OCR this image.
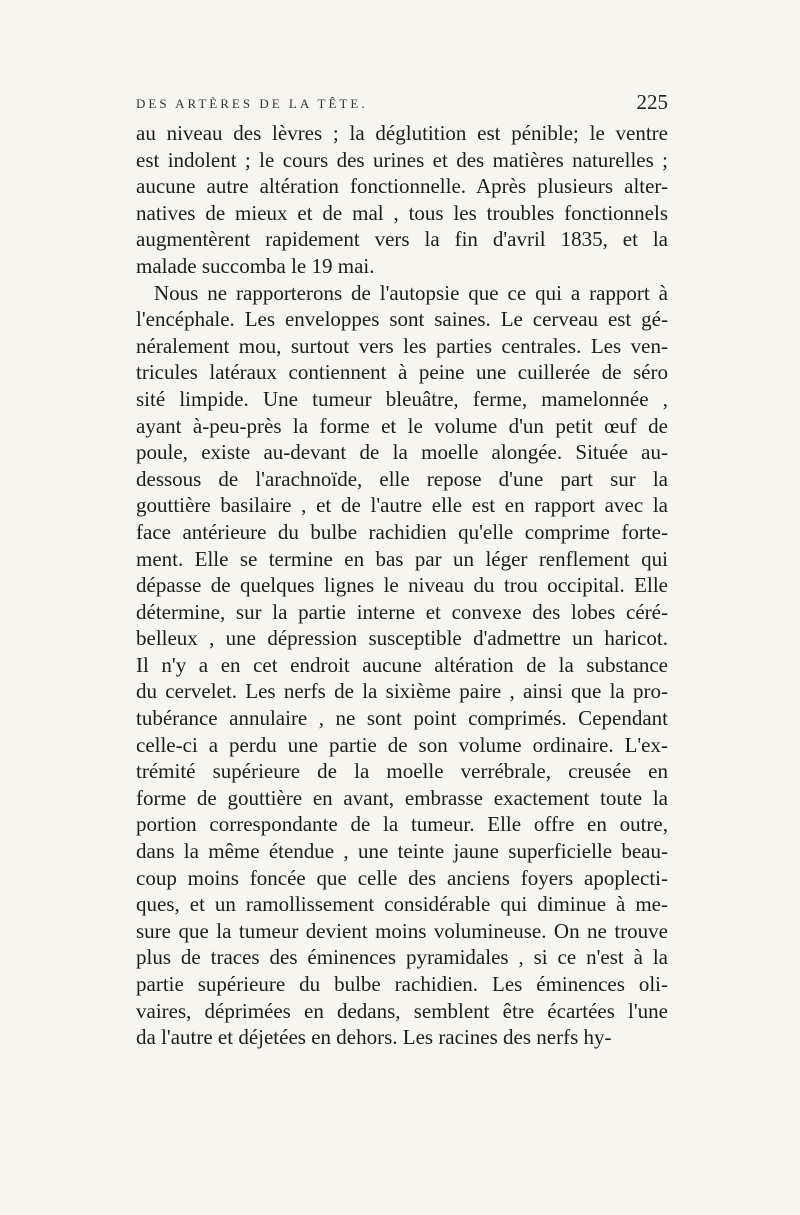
DES ARTÈRES DE LA TÊTE.	225
au niveau des lèvres ; la déglutition est pénible; le ventre
est indolent ; le cours des urines et des matières naturelles ;
aucune autre altération fonctionnelle. Après plusieurs alter-
natives de mieux et de mal , tous les troubles fonctionnels
augmentèrent rapidement vers la fin d'avril 1835, et la
malade succomba le 19 mai.
Nous ne rapporterons de l'autopsie que ce qui a rapport à
l'encéphale. Les enveloppes sont saines. Le cerveau est gé-
néralement mou, surtout vers les parties centrales. Les ven-
tricules latéraux contiennent à peine une cuillerée de séro
sité limpide. Une tumeur bleuâtre, ferme, mamelonnée ,
ayant à-peu-près la forme et le volume d'un petit œuf de
poule, existe au-devant de la moelle alongée. Située au-
dessous de l'arachnoïde, elle repose d'une part sur la
gouttière basilaire , et de l'autre elle est en rapport avec la
face antérieure du bulbe rachidien qu'elle comprime forte-
ment. Elle se termine en bas par un léger renflement qui
dépasse de quelques lignes le niveau du trou occipital. Elle
détermine, sur la partie interne et convexe des lobes céré-
belleux , une dépression susceptible d'admettre un haricot.
Il n'y a en cet endroit aucune altération de la substance
du cervelet. Les nerfs de la sixième paire , ainsi que la pro-
tubérance annulaire , ne sont point comprimés. Cependant
celle-ci a perdu une partie de son volume ordinaire. L'ex-
trémité supérieure de la moelle verrébrale, creusée en
forme de gouttière en avant, embrasse exactement toute la
portion correspondante de la tumeur. Elle offre en outre,
dans la même étendue , une teinte jaune superficielle beau-
coup moins foncée que celle des anciens foyers apoplecti-
ques, et un ramollissement considérable qui diminue à me-
sure que la tumeur devient moins volumineuse. On ne trouve
plus de traces des éminences pyramidales , si ce n'est à la
partie supérieure du bulbe rachidien. Les éminences oli-
vaires, déprimées en dedans, semblent être écartées l'une
da l'autre et déjetées en dehors. Les racines des nerfs hy-
